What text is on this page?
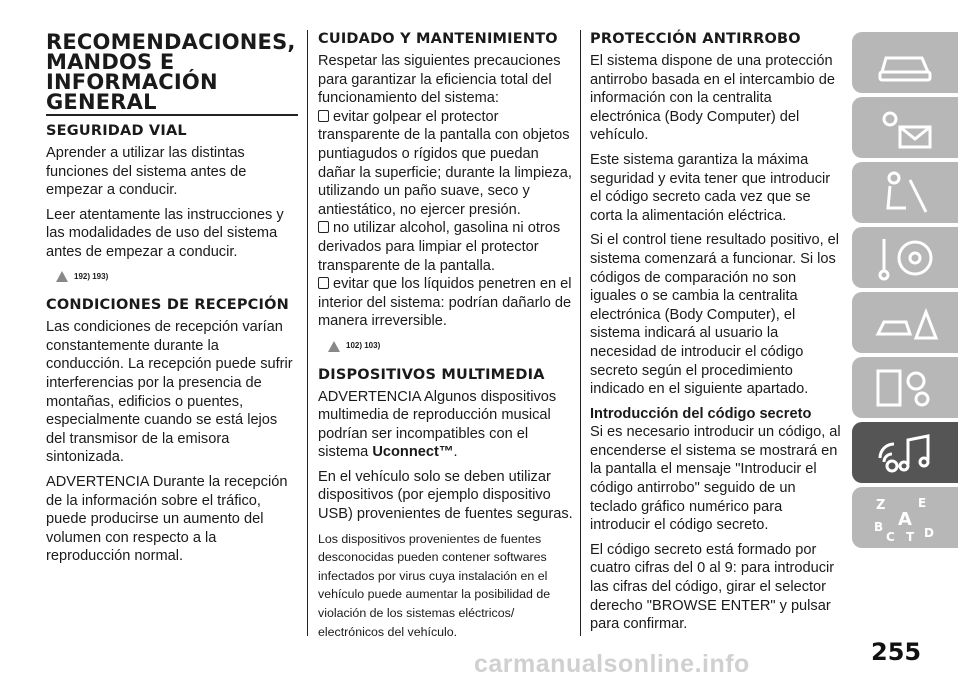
RECOMENDACIONES, MANDOS E INFORMACIÓN GENERAL
SEGURIDAD VIAL

Aprender a utilizar las distintas funciones del sistema antes de empezar a conducir.

Leer atentamente las instrucciones y las modalidades de uso del sistema antes de empezar a conducir.

192) 193)
CONDICIONES DE RECEPCIÓN

Las condiciones de recepción varían constantemente durante la conducción. La recepción puede sufrir interferencias por la presencia de montañas, edificios o puentes, especialmente cuando se está lejos del transmisor de la emisora sintonizada.

ADVERTENCIA Durante la recepción de la información sobre el tráfico, puede producirse un aumento del volumen con respecto a la reproducción normal.

CUIDADO Y MANTENIMIENTO

Respetar las siguientes precauciones para garantizar la eficiencia total del funcionamiento del sistema:

evitar golpear el protector transparente de la pantalla con objetos puntiagudos o rígidos que puedan dañar la superficie; durante la limpieza, utilizando un paño suave, seco y antiestático, no ejercer presión.
no utilizar alcohol, gasolina ni otros derivados para limpiar el protector transparente de la pantalla.
evitar que los líquidos penetren en el interior del sistema: podrían dañarlo de manera irreversible.
102) 103)
DISPOSITIVOS MULTIMEDIA

ADVERTENCIA Algunos dispositivos multimedia de reproducción musical podrían ser incompatibles con el sistema Uconnect™.

En el vehículo solo se deben utilizar dispositivos (por ejemplo dispositivo USB) provenientes de fuentes seguras.

Los dispositivos provenientes de fuentes desconocidas pueden contener softwares infectados por virus cuya instalación en el vehículo puede aumentar la posibilidad de violación de los sistemas eléctricos/ electrónicos del vehículo.

PROTECCIÓN ANTIRROBO

El sistema dispone de una protección antirrobo basada en el intercambio de información con la centralita electrónica (Body Computer) del vehículo.

Este sistema garantiza la máxima seguridad y evita tener que introducir el código secreto cada vez que se corta la alimentación eléctrica.

Si el control tiene resultado positivo, el sistema comenzará a funcionar. Si los códigos de comparación no son iguales o se cambia la centralita electrónica (Body Computer), el sistema indicará al usuario la necesidad de introducir el código secreto según el procedimiento indicado en el siguiente apartado.

Introducción del código secreto

Si es necesario introducir un código, al encenderse el sistema se mostrará en la pantalla el mensaje "Introducir el código antirrobo" seguido de un teclado gráfico numérico para introducir el código secreto.

El código secreto está formado por cuatro cifras del 0 al 9: para introducir las cifras del código, girar el selector derecho "BROWSE ENTER" y pulsar para confirmar.

Z	E
B A
C T D
255
carmanualsonline.info
